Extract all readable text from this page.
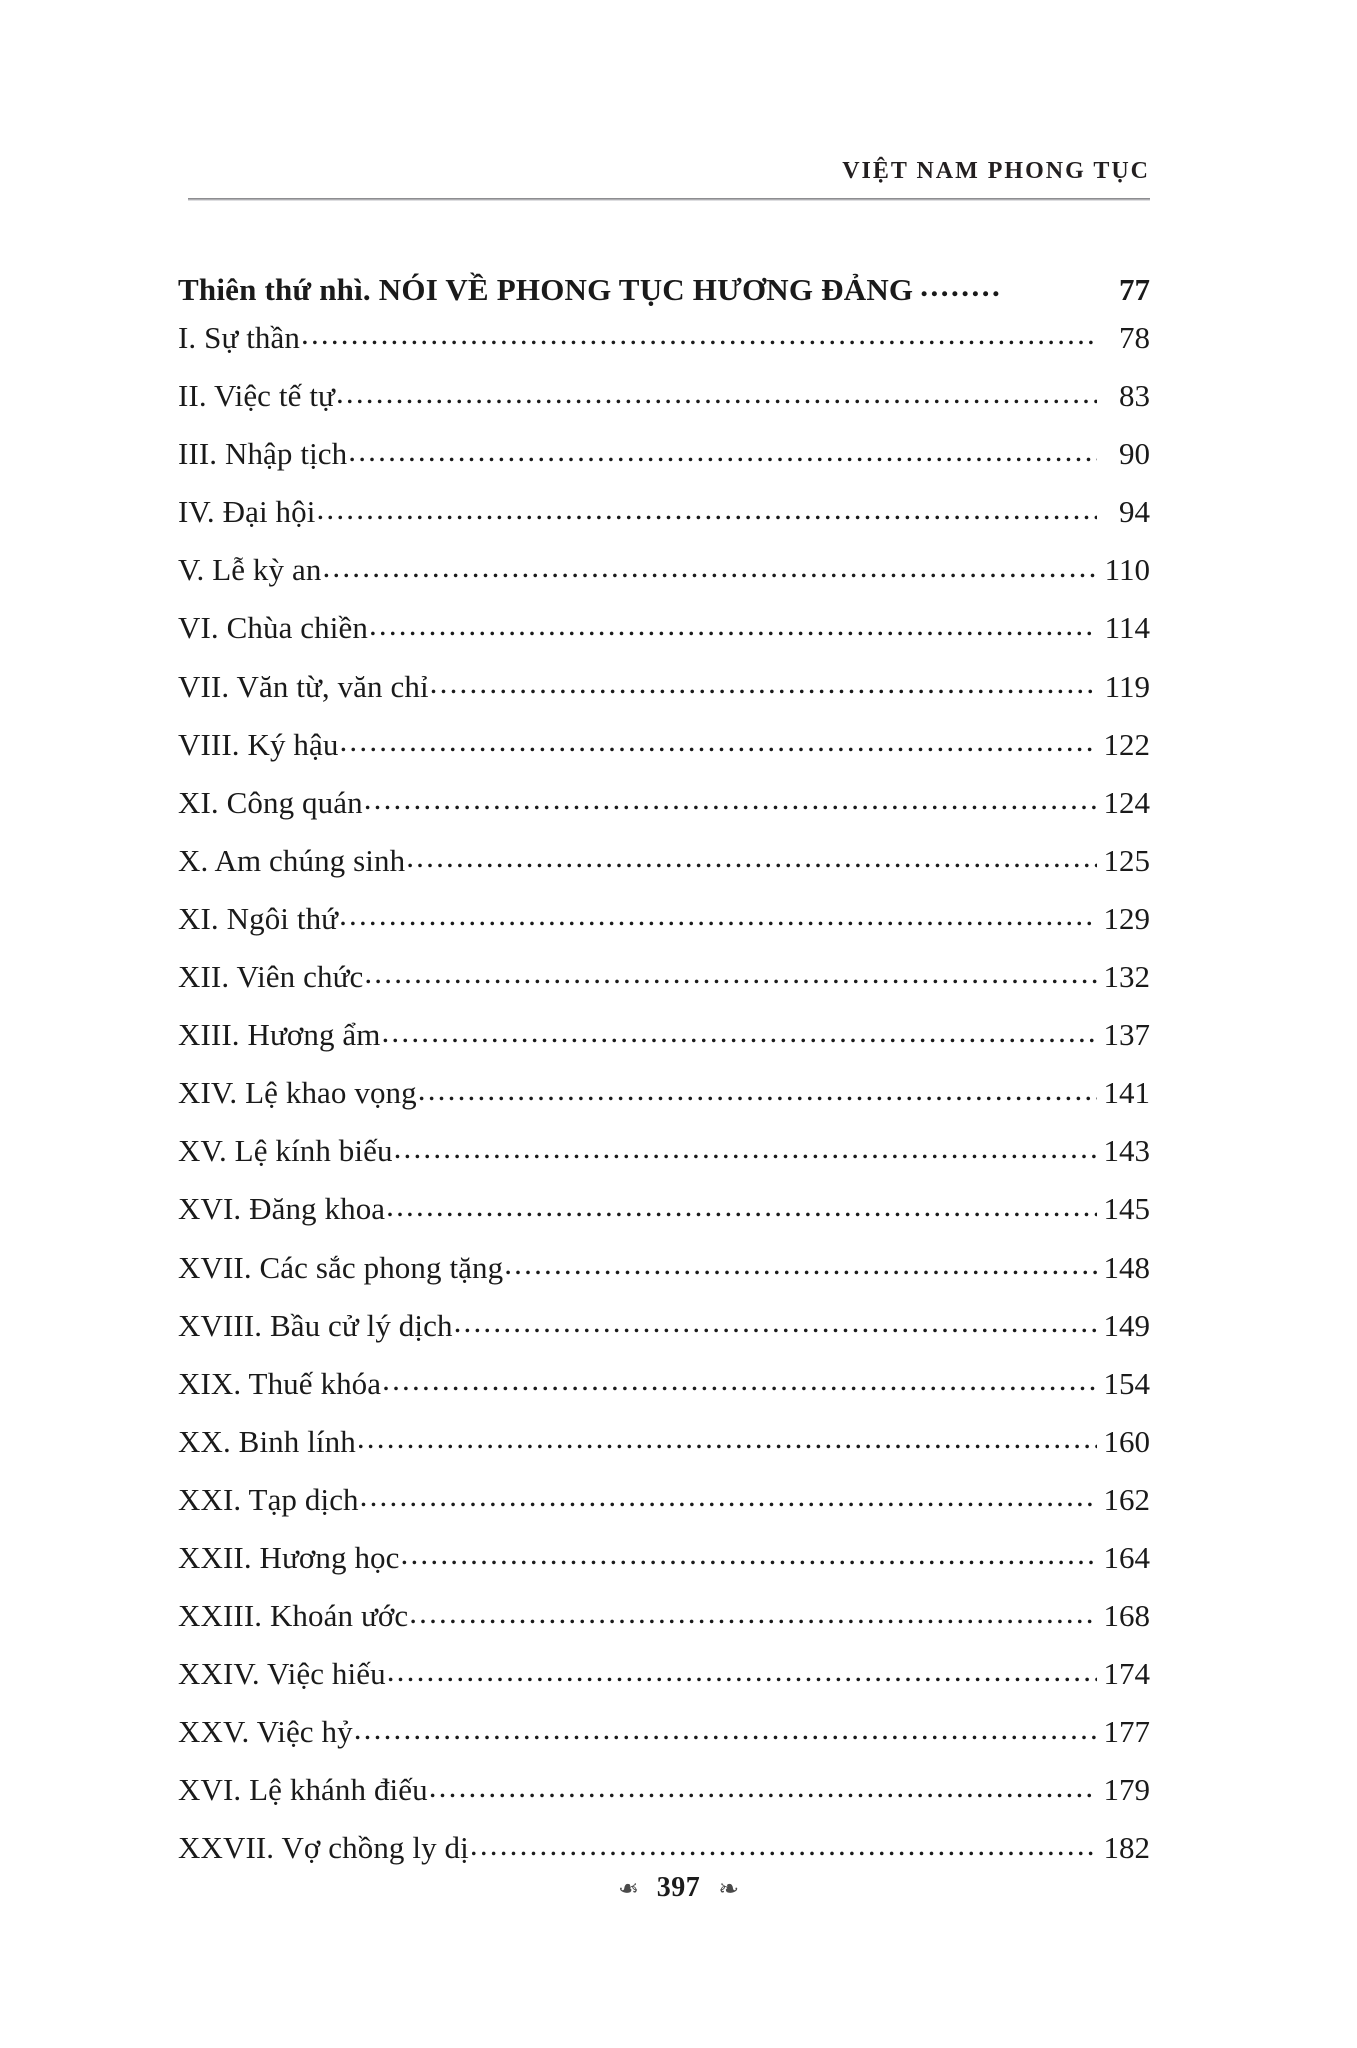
VIỆT NAM PHONG TỤC
Thiên thứ nhì. NÓI VỀ PHONG TỤC HƯƠNG ĐẢNG ........	77
I. Sự thần .....	78
II. Việc tế tự .....	83
III. Nhập tịch .....	90
IV. Đại hội .....	94
V. Lễ kỳ an .....	110
VI. Chùa chiền .....	114
VII. Văn từ, văn chỉ .....	119
VIII. Ký hậu .....	122
XI. Công quán .....	124
X. Am chúng sinh .....	125
XI. Ngôi thứ .....	129
XII. Viên chức .....	132
XIII. Hương ẩm .....	137
XIV. Lệ khao vọng .....	141
XV. Lệ kính biếu .....	143
XVI. Đăng khoa .....	145
XVII. Các sắc phong tặng .....	148
XVIII. Bầu cử lý dịch .....	149
XIX. Thuế khóa .....	154
XX. Binh lính .....	160
XXI. Tạp dịch .....	162
XXII. Hương học .....	164
XXIII. Khoán ước .....	168
XXIV. Việc hiếu .....	174
XXV. Việc hỷ .....	177
XVI. Lệ khánh điếu .....	179
XXVII. Vợ chồng ly dị .....	182
❧ 397 ❧
